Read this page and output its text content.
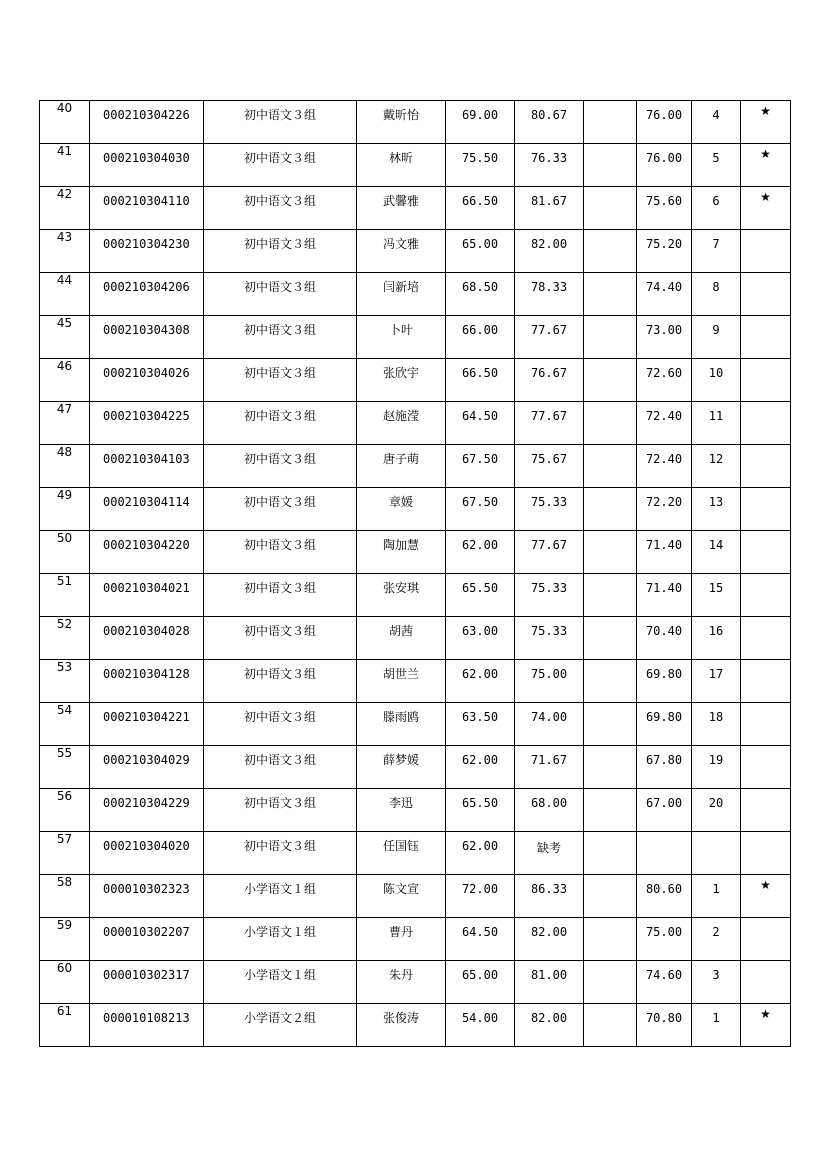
40	000210304226	初中语文３组	戴昕怡	69.00	80.67		76.00	4	★
41	000210304030	初中语文３组	林昕	75.50	76.33		76.00	5	★
42	000210304110	初中语文３组	武馨雅	66.50	81.67		75.60	6	★
43	000210304230	初中语文３组	冯文雅	65.00	82.00		75.20	7	
44	000210304206	初中语文３组	闫新培	68.50	78.33		74.40	8	
45	000210304308	初中语文３组	卜叶	66.00	77.67		73.00	9	
46	000210304026	初中语文３组	张欣宇	66.50	76.67		72.60	10	
47	000210304225	初中语文３组	赵施滢	64.50	77.67		72.40	11	
48	000210304103	初中语文３组	唐子萌	67.50	75.67		72.40	12	
49	000210304114	初中语文３组	章媛	67.50	75.33		72.20	13	
50	000210304220	初中语文３组	陶加慧	62.00	77.67		71.40	14	
51	000210304021	初中语文３组	张安琪	65.50	75.33		71.40	15	
52	000210304028	初中语文３组	胡茜	63.00	75.33		70.40	16	
53	000210304128	初中语文３组	胡世兰	62.00	75.00		69.80	17	
54	000210304221	初中语文３组	滕雨鸥	63.50	74.00		69.80	18	
55	000210304029	初中语文３组	薛梦媛	62.00	71.67		67.80	19	
56	000210304229	初中语文３组	李迅	65.50	68.00		67.00	20	
57	000210304020	初中语文３组	任国钰	62.00	缺考				
58	000010302323	小学语文１组	陈文宣	72.00	86.33		80.60	1	★
59	000010302207	小学语文１组	曹丹	64.50	82.00		75.00	2	
60	000010302317	小学语文１组	朱丹	65.00	81.00		74.60	3	
61	000010108213	小学语文２组	张俊涛	54.00	82.00		70.80	1	★
